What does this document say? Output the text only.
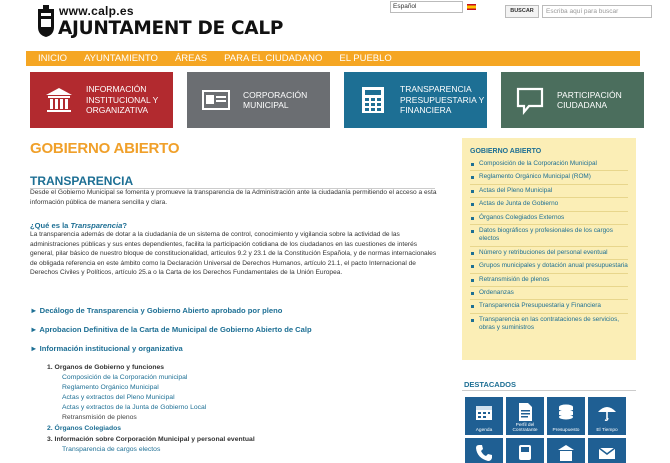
www.calp.es
AJUNTAMENT DE CALP
Español
BUSCAR	Escriba aquí para buscar
INICIO AYUNTAMIENTO ÁREAS PARA EL CIUDADANO EL PUEBLO
INFORMACIÓN INSTITUCIONAL Y ORGANIZATIVA
CORPORACIÓN MUNICIPAL
TRANSPARENCIA PRESUPUESTARIA Y FINANCIERA
PARTICIPACIÓN CIUDADANA
GOBIERNO ABIERTO
TRANSPARENCIA
Desde el Gobierno Municipal se fomenta y promueve la transparencia de la Administración ante la ciudadanía permitiendo el acceso a esta información pública de manera sencilla y clara.
¿Qué es la Transparencia?
La transparencia además de dotar a la ciudadanía de un sistema de control, conocimiento y vigilancia sobre la actividad de las administraciones públicas y sus entes dependientes, facilita la participación cotidiana de los ciudadanos en las cuestiones de interés general, pilar básico de nuestro bloque de constitucionalidad, artículos 9.2 y 23.1 de la Constitución Española, y de normas internacionales de obligada referencia en este ámbito como la Declaración Universal de Derechos Humanos, artículo 21.1, el pacto Internacional de Derechos Civiles y Políticos, artículo 25.a o la Carta de los Derechos Fundamentales de la Unión Europea.
► Decálogo de Transparencia y Gobierno Abierto aprobado por pleno
► Aprobacion Definitiva de la Carta de Municipal de Gobierno Abierto de Calp
► Información institucional y organizativa
1. Organos de Gobierno y funciones
Composición de la Corporación municipal
Reglamento Orgánico Municipal
Actas y extractos del Pleno Municipal
Actas y extractos de la Junta de Gobierno Local
Retransmisión de plenos
2. Órganos Colegiados
3. Información sobre Corporación Municipal y personal eventual
Transparencia de cargos electos
GOBIERNO ABIERTO
Composición de la Corporación Municipal
Reglamento Orgánico Municipal (ROM)
Actas del Pleno Municipal
Actas de Junta de Gobierno
Órganos Colegiados Externos
Datos biográficos y profesionales de los cargos electos
Número y retribuciones del personal eventual
Grupos municipales y dotación anual presupuestaria
Retransmisión de plenos
Ordenanzas
Transparencia Presupuestaria y Financiera
Transparencia en las contrataciones de servicios, obras y suministros
DESTACADOS
Agenda
Perfil del Contratante	Presupuesto	El Tiempo
